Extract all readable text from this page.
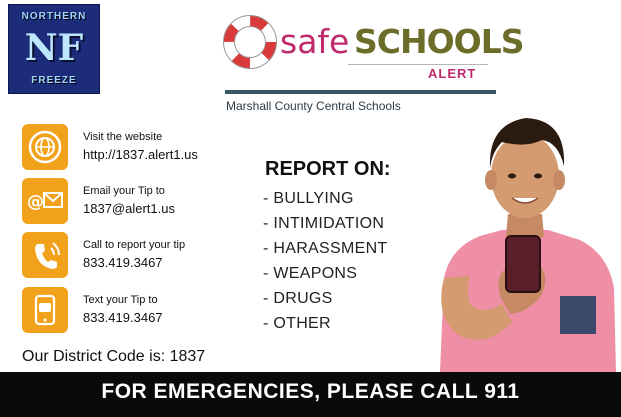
NORTHERN
NF
FREEZE
safe SCHOOLS
ALERT
Marshall County Central Schools
Visit the website
http://1837.alert1.us
@
Email your Tip to
1837@alert1.us
Call to report your tip
833.419.3467
Text your Tip to
833.419.3467
Our District Code is: 1837
REPORT ON:
- BULLYING
- INTIMIDATION
- HARASSMENT
- WEAPONS
- DRUGS
- OTHER
FOR EMERGENCIES, PLEASE CALL 911
